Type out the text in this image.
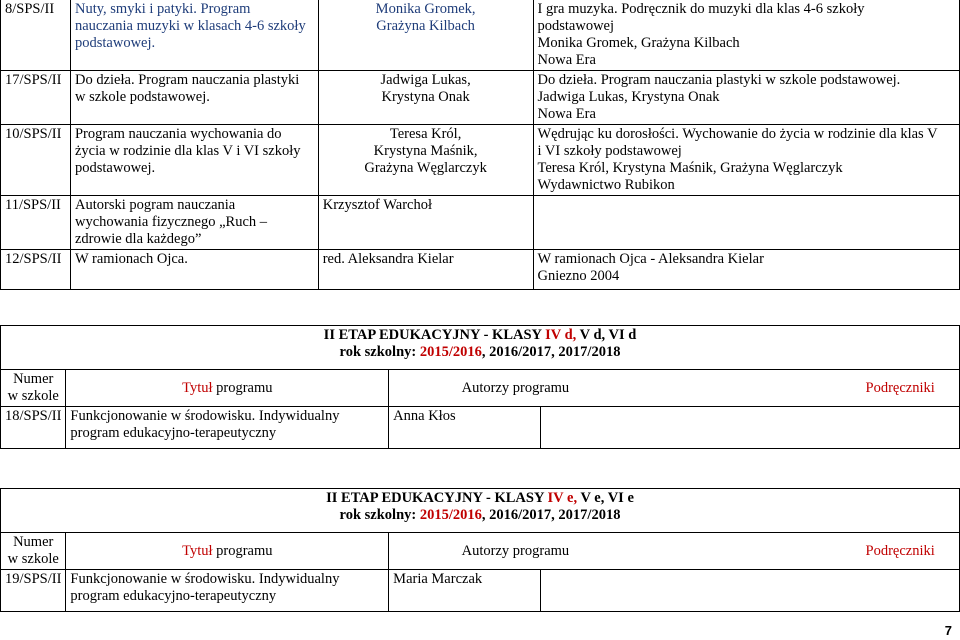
8/SPS/II	Nuty, smyki i patyki. Program
nauczania muzyki w klasach 4-6 szkoły
podstawowej.	Monika Gromek,
Grażyna Kilbach	I gra muzyka. Podręcznik do muzyki dla klas 4-6 szkoły
podstawowej
Monika Gromek, Grażyna Kilbach
Nowa Era
17/SPS/II	Do dzieła. Program nauczania plastyki
w szkole podstawowej.	Jadwiga Lukas,
Krystyna Onak	Do dzieła. Program nauczania plastyki w szkole podstawowej.
Jadwiga Lukas, Krystyna Onak
Nowa Era
10/SPS/II	Program nauczania wychowania do
życia w rodzinie dla klas V i VI szkoły
podstawowej.	Teresa Król,
Krystyna Maśnik,
Grażyna Węglarczyk	Wędrując ku dorosłości. Wychowanie do życia w rodzinie dla klas V
i VI szkoły podstawowej
Teresa Król, Krystyna Maśnik, Grażyna Węglarczyk
Wydawnictwo Rubikon
11/SPS/II	Autorski pogram nauczania
wychowania fizycznego „Ruch –
zdrowie dla każdego”	Krzysztof Warchoł	
12/SPS/II	W ramionach Ojca.	red. Aleksandra Kielar	W ramionach Ojca - Aleksandra Kielar
Gniezno 2004
II ETAP EDUKACYJNY - KLASY IV d, V d, VI d
rok szkolny: 2015/2016, 2016/2017, 2017/2018			

Numer
w szkole	Tytuł programu	Autorzy programu Podręczniki	
18/SPS/II	Funkcjonowanie w środowisku. Indywidualny
program edukacyjno-terapeutyczny	Anna Kłos	
II ETAP EDUKACYJNY - KLASY IV e, V e, VI e
rok szkolny: 2015/2016, 2016/2017, 2017/2018			

Numer
w szkole	Tytuł programu	Autorzy programu Podręczniki	
19/SPS/II	Funkcjonowanie w środowisku. Indywidualny
program edukacyjno-terapeutyczny	Maria Marczak	
7
